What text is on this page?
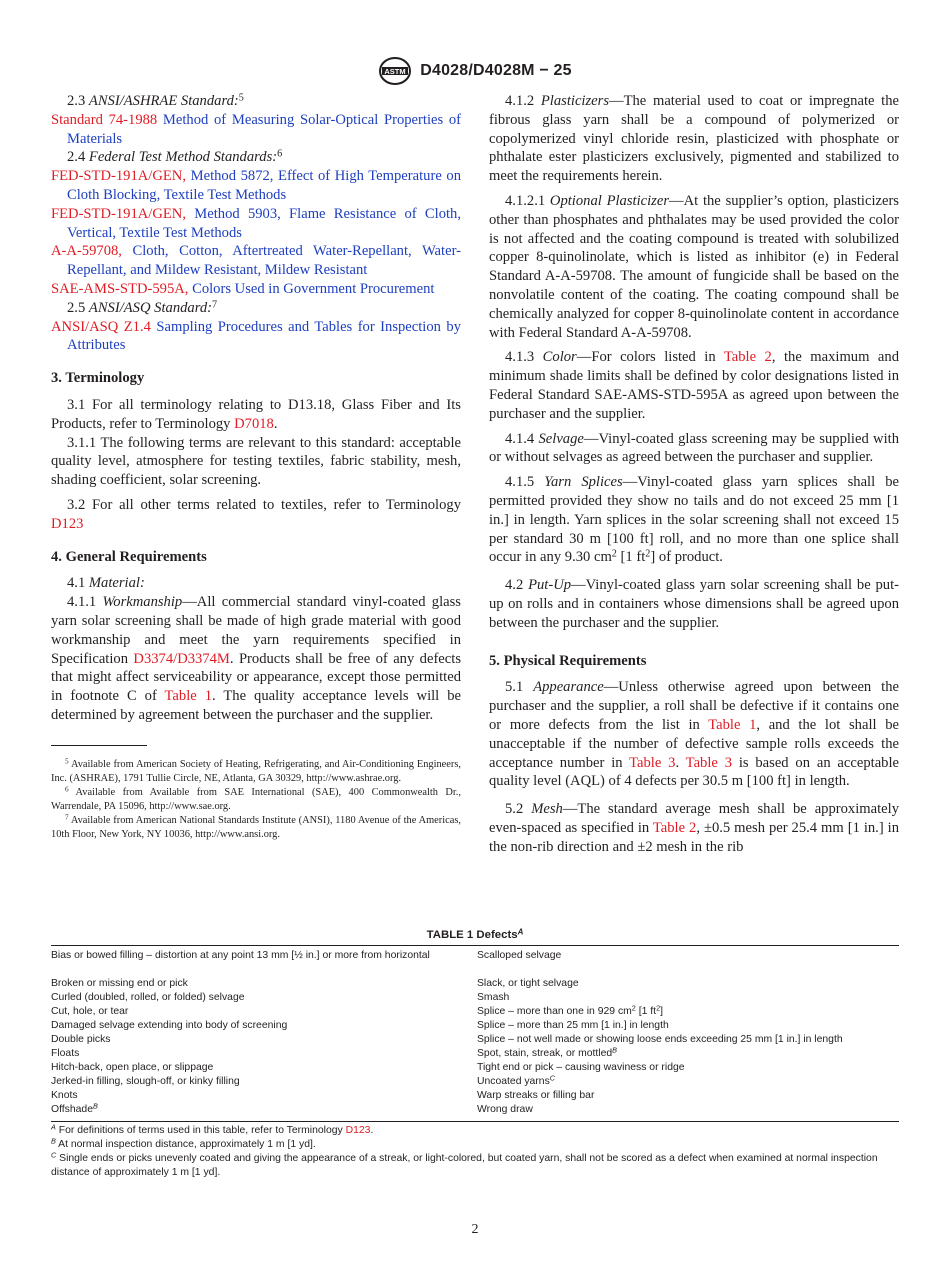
ASTM D4028/D4028M − 25

2.3 ANSI/ASHRAE Standard:$^5$

Standard 74-1988 Method of Measuring Solar-Optical Properties of Materials

2.4 Federal Test Method Standards:$^6$

FED-STD-191A/GEN, Method 5872, Effect of High Temperature on Cloth Blocking, Textile Test Methods

FED-STD-191A/GEN, Method 5903, Flame Resistance of Cloth, Vertical, Textile Test Methods

A-A-59708, Cloth, Cotton, Aftertreated Water-Repellant, Water-Repellant, and Mildew Resistant, Mildew Resistant

SAE-AMS-STD-595A, Colors Used in Government Procurement

2.5 ANSI/ASQ Standard:$^7$

ANSI/ASQ Z1.4 Sampling Procedures and Tables for Inspection by Attributes

3. Terminology

3.1 For all terminology relating to D13.18, Glass Fiber and Its Products, refer to Terminology D7018.

3.1.1 The following terms are relevant to this standard: acceptable quality level, atmosphere for testing textiles, fabric stability, mesh, shading coefficient, solar screening.

3.2 For all other terms related to textiles, refer to Terminology D123

4. General Requirements

4.1 Material:

4.1.1 Workmanship—All commercial standard vinyl-coated glass yarn solar screening shall be made of high grade material with good workmanship and meet the yarn requirements specified in Specification D3374/D3374M. Products shall be free of any defects that might affect serviceability or appearance, except those permitted in footnote C of Table 1. The quality acceptance levels will be determined by agreement between the purchaser and the supplier.

$^5$ Available from American Society of Heating, Refrigerating, and Air-Conditioning Engineers, Inc. (ASHRAE), 1791 Tullie Circle, NE, Atlanta, GA 30329, http://www.ashrae.org.

$^6$ Available from Available from SAE International (SAE), 400 Commonwealth Dr., Warrendale, PA 15096, http://www.sae.org.

$^7$ Available from American National Standards Institute (ANSI), 1180 Avenue of the Americas, 10th Floor, New York, NY 10036, http://www.ansi.org.

4.1.2 Plasticizers—The material used to coat or impregnate the fibrous glass yarn shall be a compound of polymerized or copolymerized vinyl chloride resin, plasticized with phosphate or phthalate ester plasticizers exclusively, pigmented and stabilized to meet the requirements herein.

4.1.2.1 Optional Plasticizer—At the supplier’s option, plasticizers other than phosphates and phthalates may be used provided the color is not affected and the coating compound is treated with solubilized copper 8-quinolinolate, which is listed as inhibitor (e) in Federal Standard A-A-59708. The amount of fungicide shall be based on the nonvolatile content of the coating. The coating compound shall be chemically analyzed for copper 8-quinolinolate content in accordance with Federal Standard A-A-59708.

4.1.3 Color—For colors listed in Table 2, the maximum and minimum shade limits shall be defined by color designations listed in Federal Standard SAE-AMS-STD-595A as agreed upon between the purchaser and the supplier.

4.1.4 Selvage—Vinyl-coated glass screening may be supplied with or without selvages as agreed between the purchaser and supplier.

4.1.5 Yarn Splices—Vinyl-coated glass yarn splices shall be permitted provided they show no tails and do not exceed 25 mm [1 in.] in length. Yarn splices in the solar screening shall not exceed 15 per standard 30 m [100 ft] roll, and no more than one splice shall occur in any 9.30 $cm^2$ [1 $ft^2$] of product.

4.2 Put-Up—Vinyl-coated glass yarn solar screening shall be put-up on rolls and in containers whose dimensions shall be agreed upon between the purchaser and the supplier.

5. Physical Requirements

5.1 Appearance—Unless otherwise agreed upon between the purchaser and the supplier, a roll shall be defective if it contains one or more defects from the list in Table 1, and the lot shall be unacceptable if the number of defective sample rolls exceeds the acceptance number in Table 3. Table 3 is based on an acceptable quality level (AQL) of 4 defects per 30.5 m [100 ft] in length.

5.2 Mesh—The standard average mesh shall be approximately even-spaced as specified in Table 2, ±0.5 mesh per 25.4 mm [1 in.] in the non-rib direction and ±2 mesh in the rib

TABLE 1 Defects$^A$
Bias or bowed filling – distortion at any point 13 mm [½ in.] or more from horizontal
Broken or missing end or pick
Curled (doubled, rolled, or folded) selvage
Cut, hole, or tear
Damaged selvage extending into body of screening
Double picks
Floats
Hitch-back, open place, or slippage
Jerked-in filling, slough-off, or kinky filling
Knots
Offshade$^B$
Scalloped selvage
Slack, or tight selvage
Smash
Splice – more than one in 929 $cm^2$ [1 $ft^2$]
Splice – more than 25 mm [1 in.] in length
Splice – not well made or showing loose ends exceeding 25 mm [1 in.] in length
Spot, stain, streak, or mottled$^B$
Tight end or pick – causing waviness or ridge
Uncoated yarns$^C$
Warp streaks or filling bar
Wrong draw
$^A$ For definitions of terms used in this table, refer to Terminology D123.
$^B$ At normal inspection distance, approximately 1 m [1 yd].
$^C$ Single ends or picks unevenly coated and giving the appearance of a streak, or light-colored, but coated yarn, shall not be scored as a defect when examined at normal inspection distance of approximately 1 m [1 yd].
2
